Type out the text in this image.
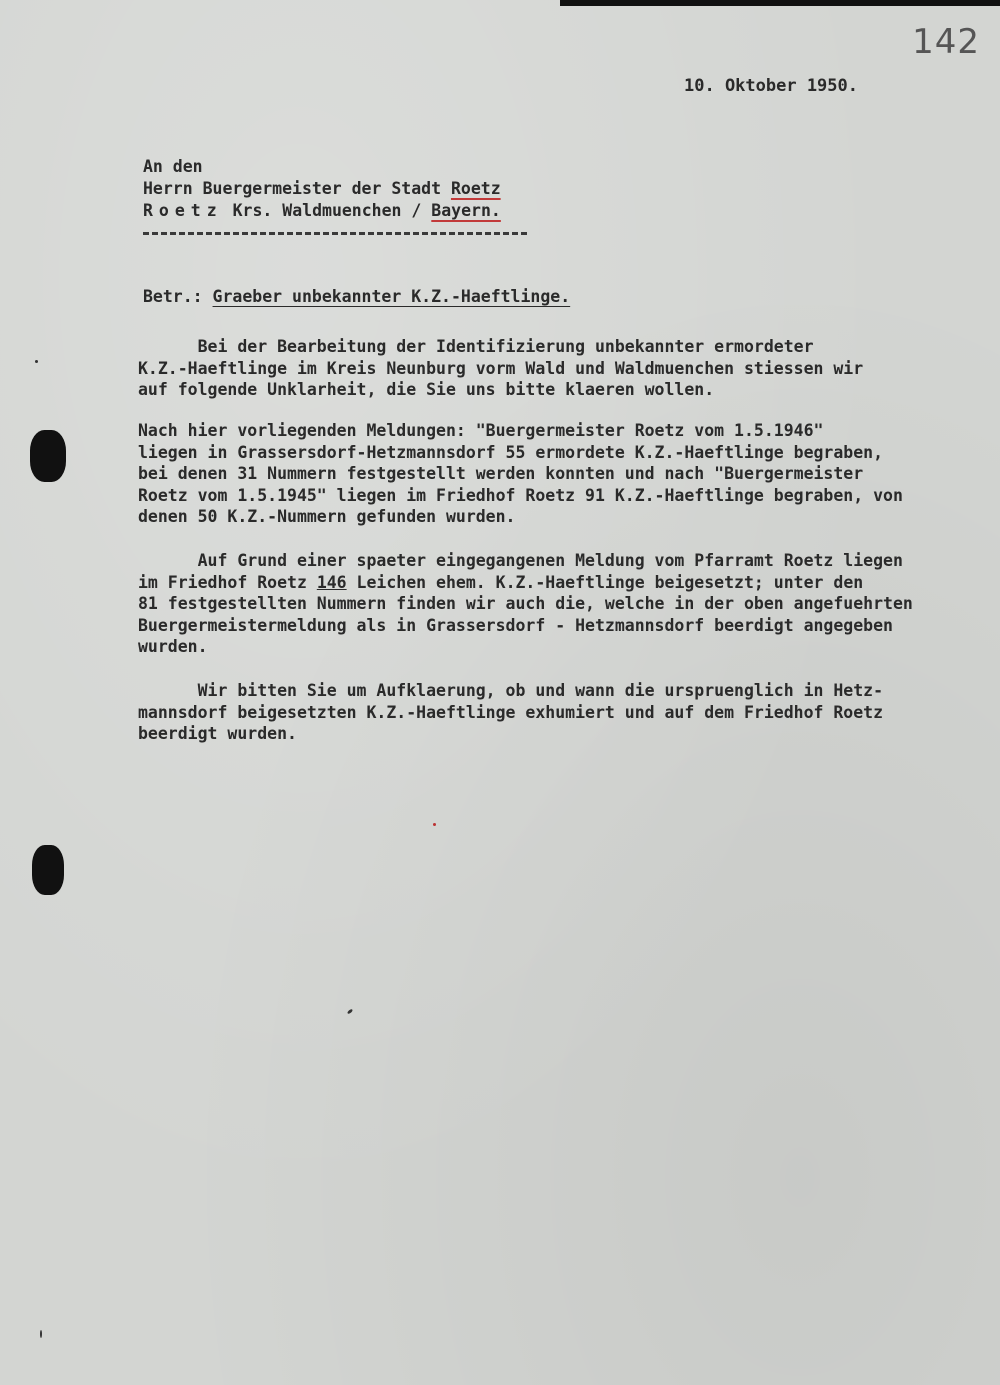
142
10. Oktober 1950.
An den
Herrn Buergermeister der Stadt Roetz
Roetz Krs. Waldmuenchen / Bayern.
Betr.: Graeber unbekannter K.Z.-Haeftlinge.
Bei der Bearbeitung der Identifizierung unbekannter ermordeter
K.Z.-Haeftlinge im Kreis Neunburg vorm Wald und Waldmuenchen stiessen wir
auf folgende Unklarheit, die Sie uns bitte klaeren wollen.
Nach hier vorliegenden Meldungen: "Buergermeister Roetz vom 1.5.1946"
liegen in Grassersdorf-Hetzmannsdorf 55 ermordete K.Z.-Haeftlinge begraben,
bei denen 31 Nummern festgestellt werden konnten und nach "Buergermeister
Roetz vom 1.5.1945" liegen im Friedhof Roetz 91 K.Z.-Haeftlinge begraben, von
denen 50 K.Z.-Nummern gefunden wurden.
Auf Grund einer spaeter eingegangenen Meldung vom Pfarramt Roetz liegen
im Friedhof Roetz 146 Leichen ehem. K.Z.-Haeftlinge beigesetzt; unter den
81 festgestellten Nummern finden wir auch die, welche in der oben angefuehrten
Buergermeistermeldung als in Grassersdorf - Hetzmannsdorf beerdigt angegeben
wurden.
Wir bitten Sie um Aufklaerung, ob und wann die urspruenglich in Hetz-
mannsdorf beigesetzten K.Z.-Haeftlinge exhumiert und auf dem Friedhof Roetz
beerdigt wurden.
